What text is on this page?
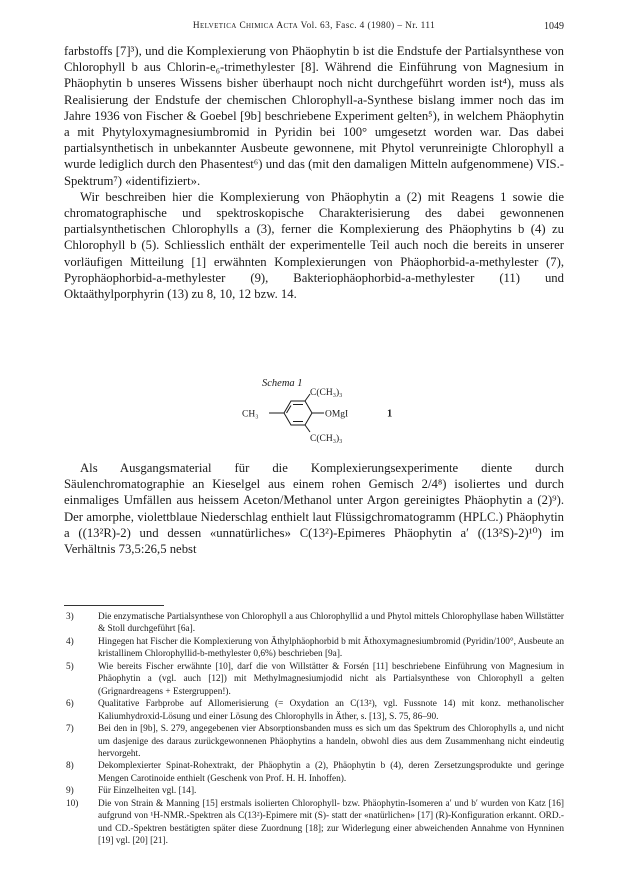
Helvetica Chimica Acta Vol. 63, Fasc. 4 (1980) – Nr. 111	1049

farbstoffs [7]³), und die Komplexierung von Phäophytin b ist die Endstufe der Partialsynthese von Chlorophyll b aus Chlorin-e₆-trimethylester [8]. Während die Einführung von Magnesium in Phäophytin b unseres Wissens bisher überhaupt noch nicht durchgeführt worden ist⁴), muss als Realisierung der Endstufe der chemischen Chlorophyll-a-Synthese bislang immer noch das im Jahre 1936 von Fischer & Goebel [9b] beschriebene Experiment gelten⁵), in welchem Phäophytin a mit Phytyloxymagnesiumbromid in Pyridin bei 100° umgesetzt worden war. Das dabei partialsynthetisch in unbekannter Ausbeute gewonnene, mit Phytol verunreinigte Chlorophyll a wurde lediglich durch den Phasentest⁶) und das (mit den damaligen Mitteln aufgenommene) VIS.-Spektrum⁷) «identifiziert».

Wir beschreiben hier die Komplexierung von Phäophytin a (2) mit Reagens 1 sowie die chromatographische und spektroskopische Charakterisierung des dabei gewonnenen partialsynthetischen Chlorophylls a (3), ferner die Komplexierung des Phäophytins b (4) zu Chlorophyll b (5). Schliesslich enthält der experimentelle Teil auch noch die bereits in unserer vorläufigen Mitteilung [1] erwähnten Komplexierungen von Phäophorbid-a-methylester (7), Pyrophäophorbid-a-methylester (9), Bakteriophäophorbid-a-methylester (11) und Oktaäthylporphyrin (13) zu 8, 10, 12 bzw. 14.

Schema 1
C(CH₃)₃
CH₃	OMgI
C(CH₃)₃
1

Als Ausgangsmaterial für die Komplexierungsexperimente diente durch Säulenchromatographie an Kieselgel aus einem rohen Gemisch 2/4⁸) isoliertes und durch einmaliges Umfällen aus heissem Aceton/Methanol unter Argon gereinigtes Phäophytin a (2)⁹). Der amorphe, violettblaue Niederschlag enthielt laut Flüssigchromatogramm (HPLC.) Phäophytin a ((13²R)-2) und dessen «unnatürliches» C(13²)-Epimeres Phäophytin a′ ((13²S)-2)¹⁰) im Verhältnis 73,5:26,5 nebst

3)	Die enzymatische Partialsynthese von Chlorophyll a aus Chlorophyllid a und Phytol mittels Chlorophyllase haben Willstätter & Stoll durchgeführt [6a].
4)	Hingegen hat Fischer die Komplexierung von Äthylphäophorbid b mit Äthoxymagnesiumbromid (Pyridin/100°, Ausbeute an kristallinem Chlorophyllid-b-methylester 0,6%) beschrieben [9a].
5)	Wie bereits Fischer erwähnte [10], darf die von Willstätter & Forsén [11] beschriebene Einführung von Magnesium in Phäophytin a (vgl. auch [12]) mit Methylmagnesiumjodid nicht als Partialsynthese von Chlorophyll a gelten (Grignardreagens + Estergruppen!).
6)	Qualitative Farbprobe auf Allomerisierung (= Oxydation an C(13²), vgl. Fussnote 14) mit konz. methanolischer Kaliumhydroxid-Lösung und einer Lösung des Chlorophylls in Äther, s. [13], S. 75, 86–90.
7)	Bei den in [9b], S. 279, angegebenen vier Absorptionsbanden muss es sich um das Spektrum des Chlorophylls a, und nicht um dasjenige des daraus zurückgewonnenen Phäophytins a handeln, obwohl dies aus dem Zusammenhang nicht eindeutig hervorgeht.
8)	Dekomplexierter Spinat-Rohextrakt, der Phäophytin a (2), Phäophytin b (4), deren Zersetzungsprodukte und geringe Mengen Carotinoide enthielt (Geschenk von Prof. H. H. Inhoffen).
9)	Für Einzelheiten vgl. [14].
10)	Die von Strain & Manning [15] erstmals isolierten Chlorophyll- bzw. Phäophytin-Isomeren a′ und b′ wurden von Katz [16] aufgrund von ¹H-NMR.-Spektren als C(13²)-Epimere mit (S)- statt der «natürlichen» [17] (R)-Konfiguration erkannt. ORD.- und CD.-Spektren bestätigten später diese Zuordnung [18]; zur Widerlegung einer abweichenden Annahme von Hynninen [19] vgl. [20] [21].
